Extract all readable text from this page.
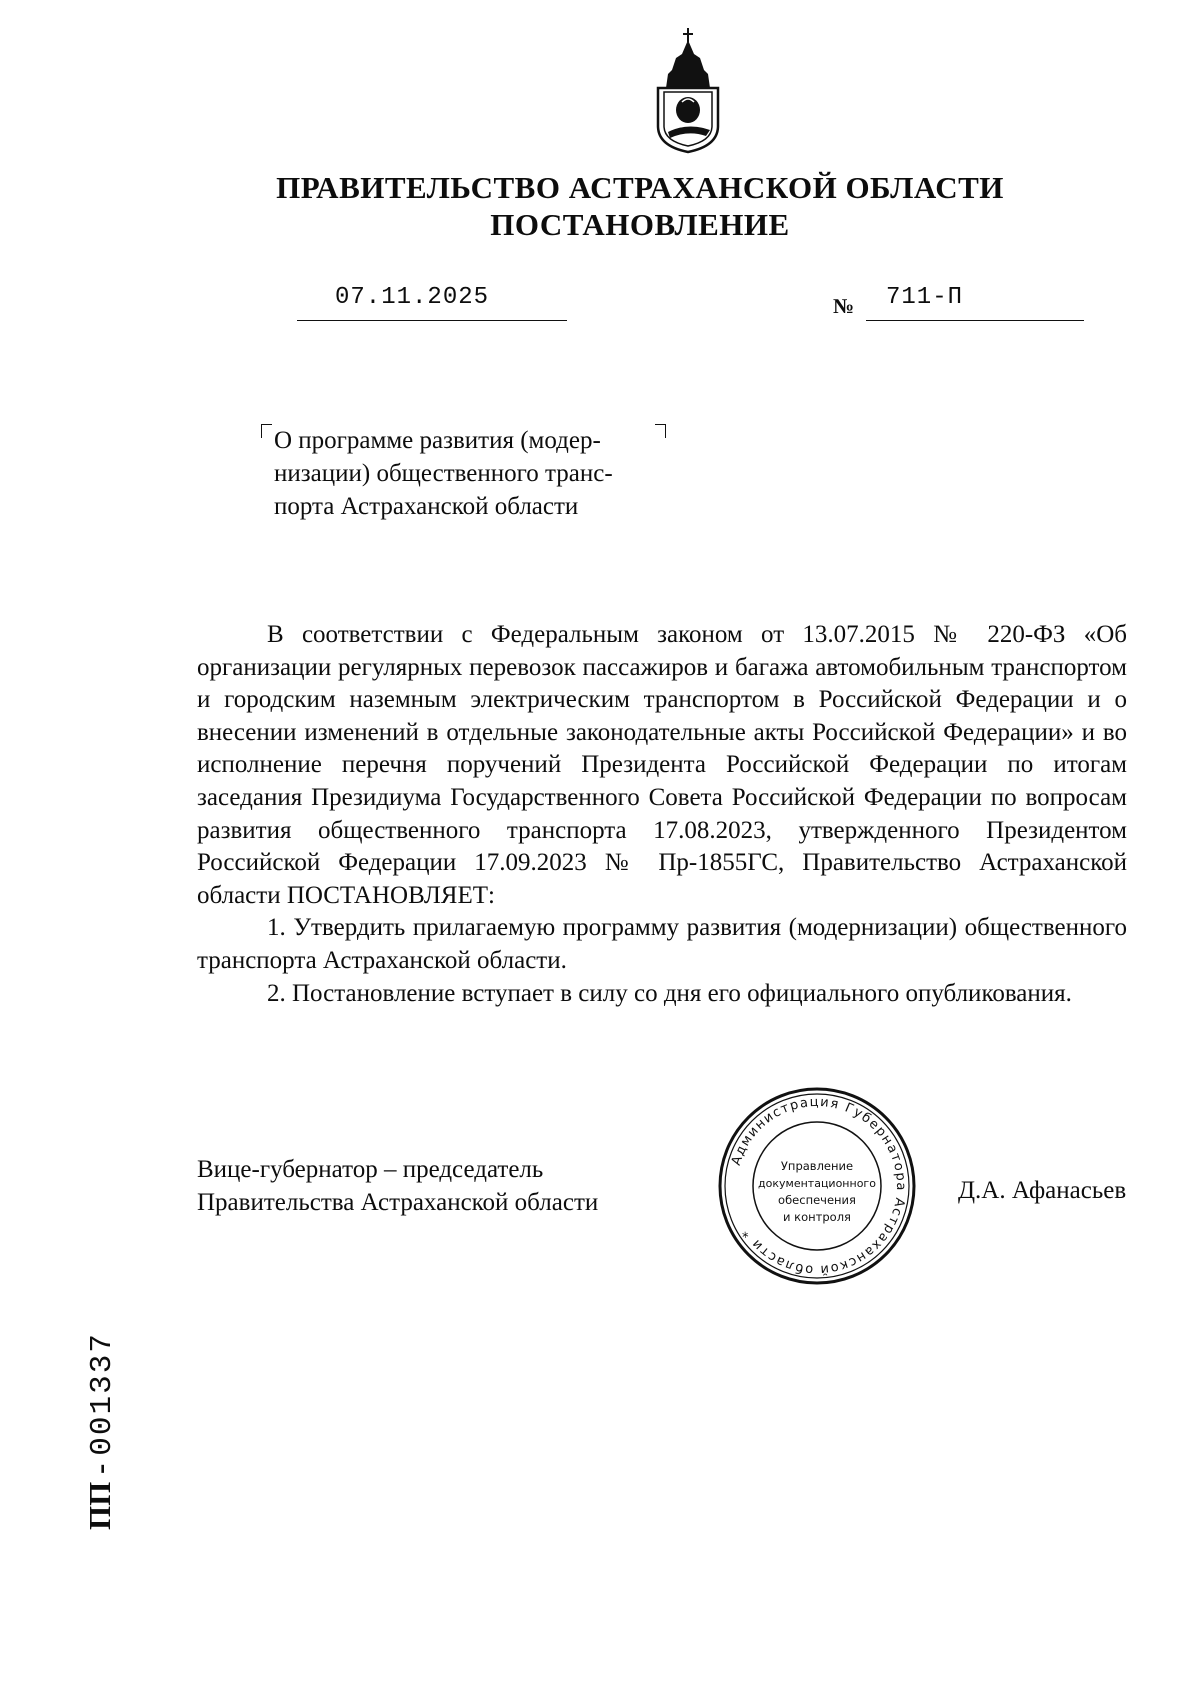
ПРАВИТЕЛЬСТВО АСТРАХАНСКОЙ ОБЛАСТИ
ПОСТАНОВЛЕНИЕ
07.11.2025	№ 711-П
О программе развития (модер-
низации) общественного транс-
порта Астраханской области

В соответствии с Федеральным законом от 13.07.2015 № 220-ФЗ «Об организации регулярных перевозок пассажиров и багажа автомобильным транспортом и городским наземным электрическим транспортом в Российской Федерации и о внесении изменений в отдельные законодательные акты Российской Федерации» и во исполнение перечня поручений Президента Российской Федерации по итогам заседания Президиума Государственного Совета Российской Федерации по вопросам развития общественного транспорта 17.08.2023, утвержденного Президентом Российской Федерации 17.09.2023 № Пр-1855ГС, Правительство Астраханской области ПОСТАНОВЛЯЕТ:

1. Утвердить прилагаемую программу развития (модернизации) общественного транспорта Астраханской области.

2. Постановление вступает в силу со дня его официального опубликования.

Вице-губернатор – председатель
Правительства Астраханской области	Д.А. Афанасьев
Администрация Губернатора Астраханской области *
Управление
документационного
обеспечения
и контроля
ПП -001337
